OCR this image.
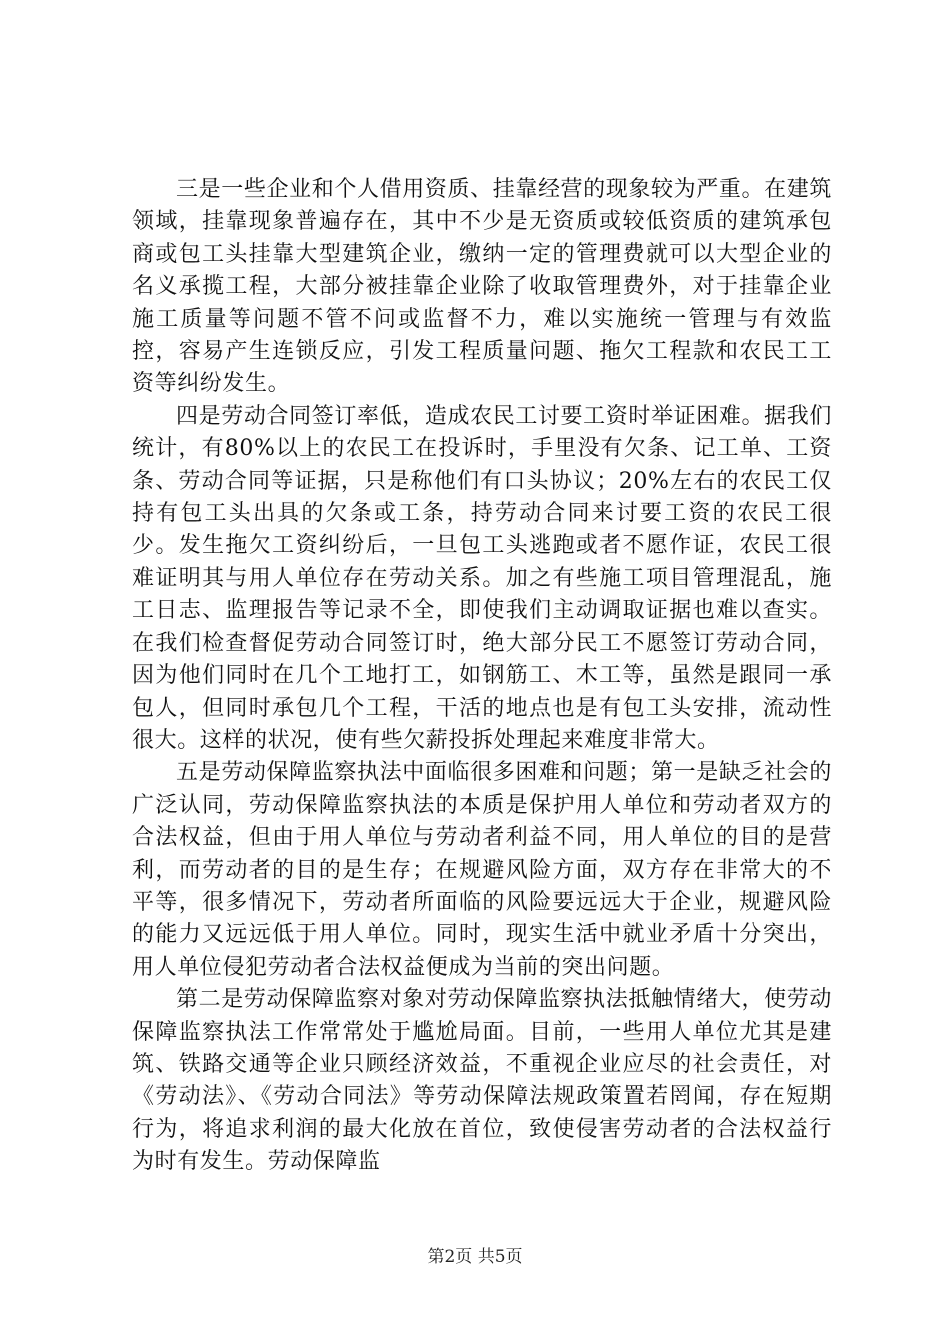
三是一些企业和个人借用资质、挂靠经营的现象较为严重。在建筑领域，挂靠现象普遍存在，其中不少是无资质或较低资质的建筑承包商或包工头挂靠大型建筑企业，缴纳一定的管理费就可以大型企业的名义承揽工程，大部分被挂靠企业除了收取管理费外，对于挂靠企业施工质量等问题不管不问或监督不力，难以实施统一管理与有效监控，容易产生连锁反应，引发工程质量问题、拖欠工程款和农民工工资等纠纷发生。

四是劳动合同签订率低，造成农民工讨要工资时举证困难。据我们统计，有80%以上的农民工在投诉时，手里没有欠条、记工单、工资条、劳动合同等证据，只是称他们有口头协议；20%左右的农民工仅持有包工头出具的欠条或工条，持劳动合同来讨要工资的农民工很少。发生拖欠工资纠纷后，一旦包工头逃跑或者不愿作证，农民工很难证明其与用人单位存在劳动关系。加之有些施工项目管理混乱，施工日志、监理报告等记录不全，即使我们主动调取证据也难以查实。在我们检查督促劳动合同签订时，绝大部分民工不愿签订劳动合同，因为他们同时在几个工地打工，如钢筋工、木工等，虽然是跟同一承包人，但同时承包几个工程，干活的地点也是有包工头安排，流动性很大。这样的状况，使有些欠薪投拆处理起来难度非常大。

五是劳动保障监察执法中面临很多困难和问题；第一是缺乏社会的广泛认同，劳动保障监察执法的本质是保护用人单位和劳动者双方的合法权益，但由于用人单位与劳动者利益不同，用人单位的目的是营利，而劳动者的目的是生存；在规避风险方面，双方存在非常大的不平等，很多情况下，劳动者所面临的风险要远远大于企业，规避风险的能力又远远低于用人单位。同时，现实生活中就业矛盾十分突出，用人单位侵犯劳动者合法权益便成为当前的突出问题。

第二是劳动保障监察对象对劳动保障监察执法抵触情绪大，使劳动保障监察执法工作常常处于尴尬局面。目前，一些用人单位尤其是建筑、铁路交通等企业只顾经济效益，不重视企业应尽的社会责任，对《劳动法》、《劳动合同法》等劳动保障法规政策置若罔闻，存在短期行为，将追求利润的最大化放在首位，致使侵害劳动者的合法权益行为时有发生。劳动保障监

第2页 共5页
